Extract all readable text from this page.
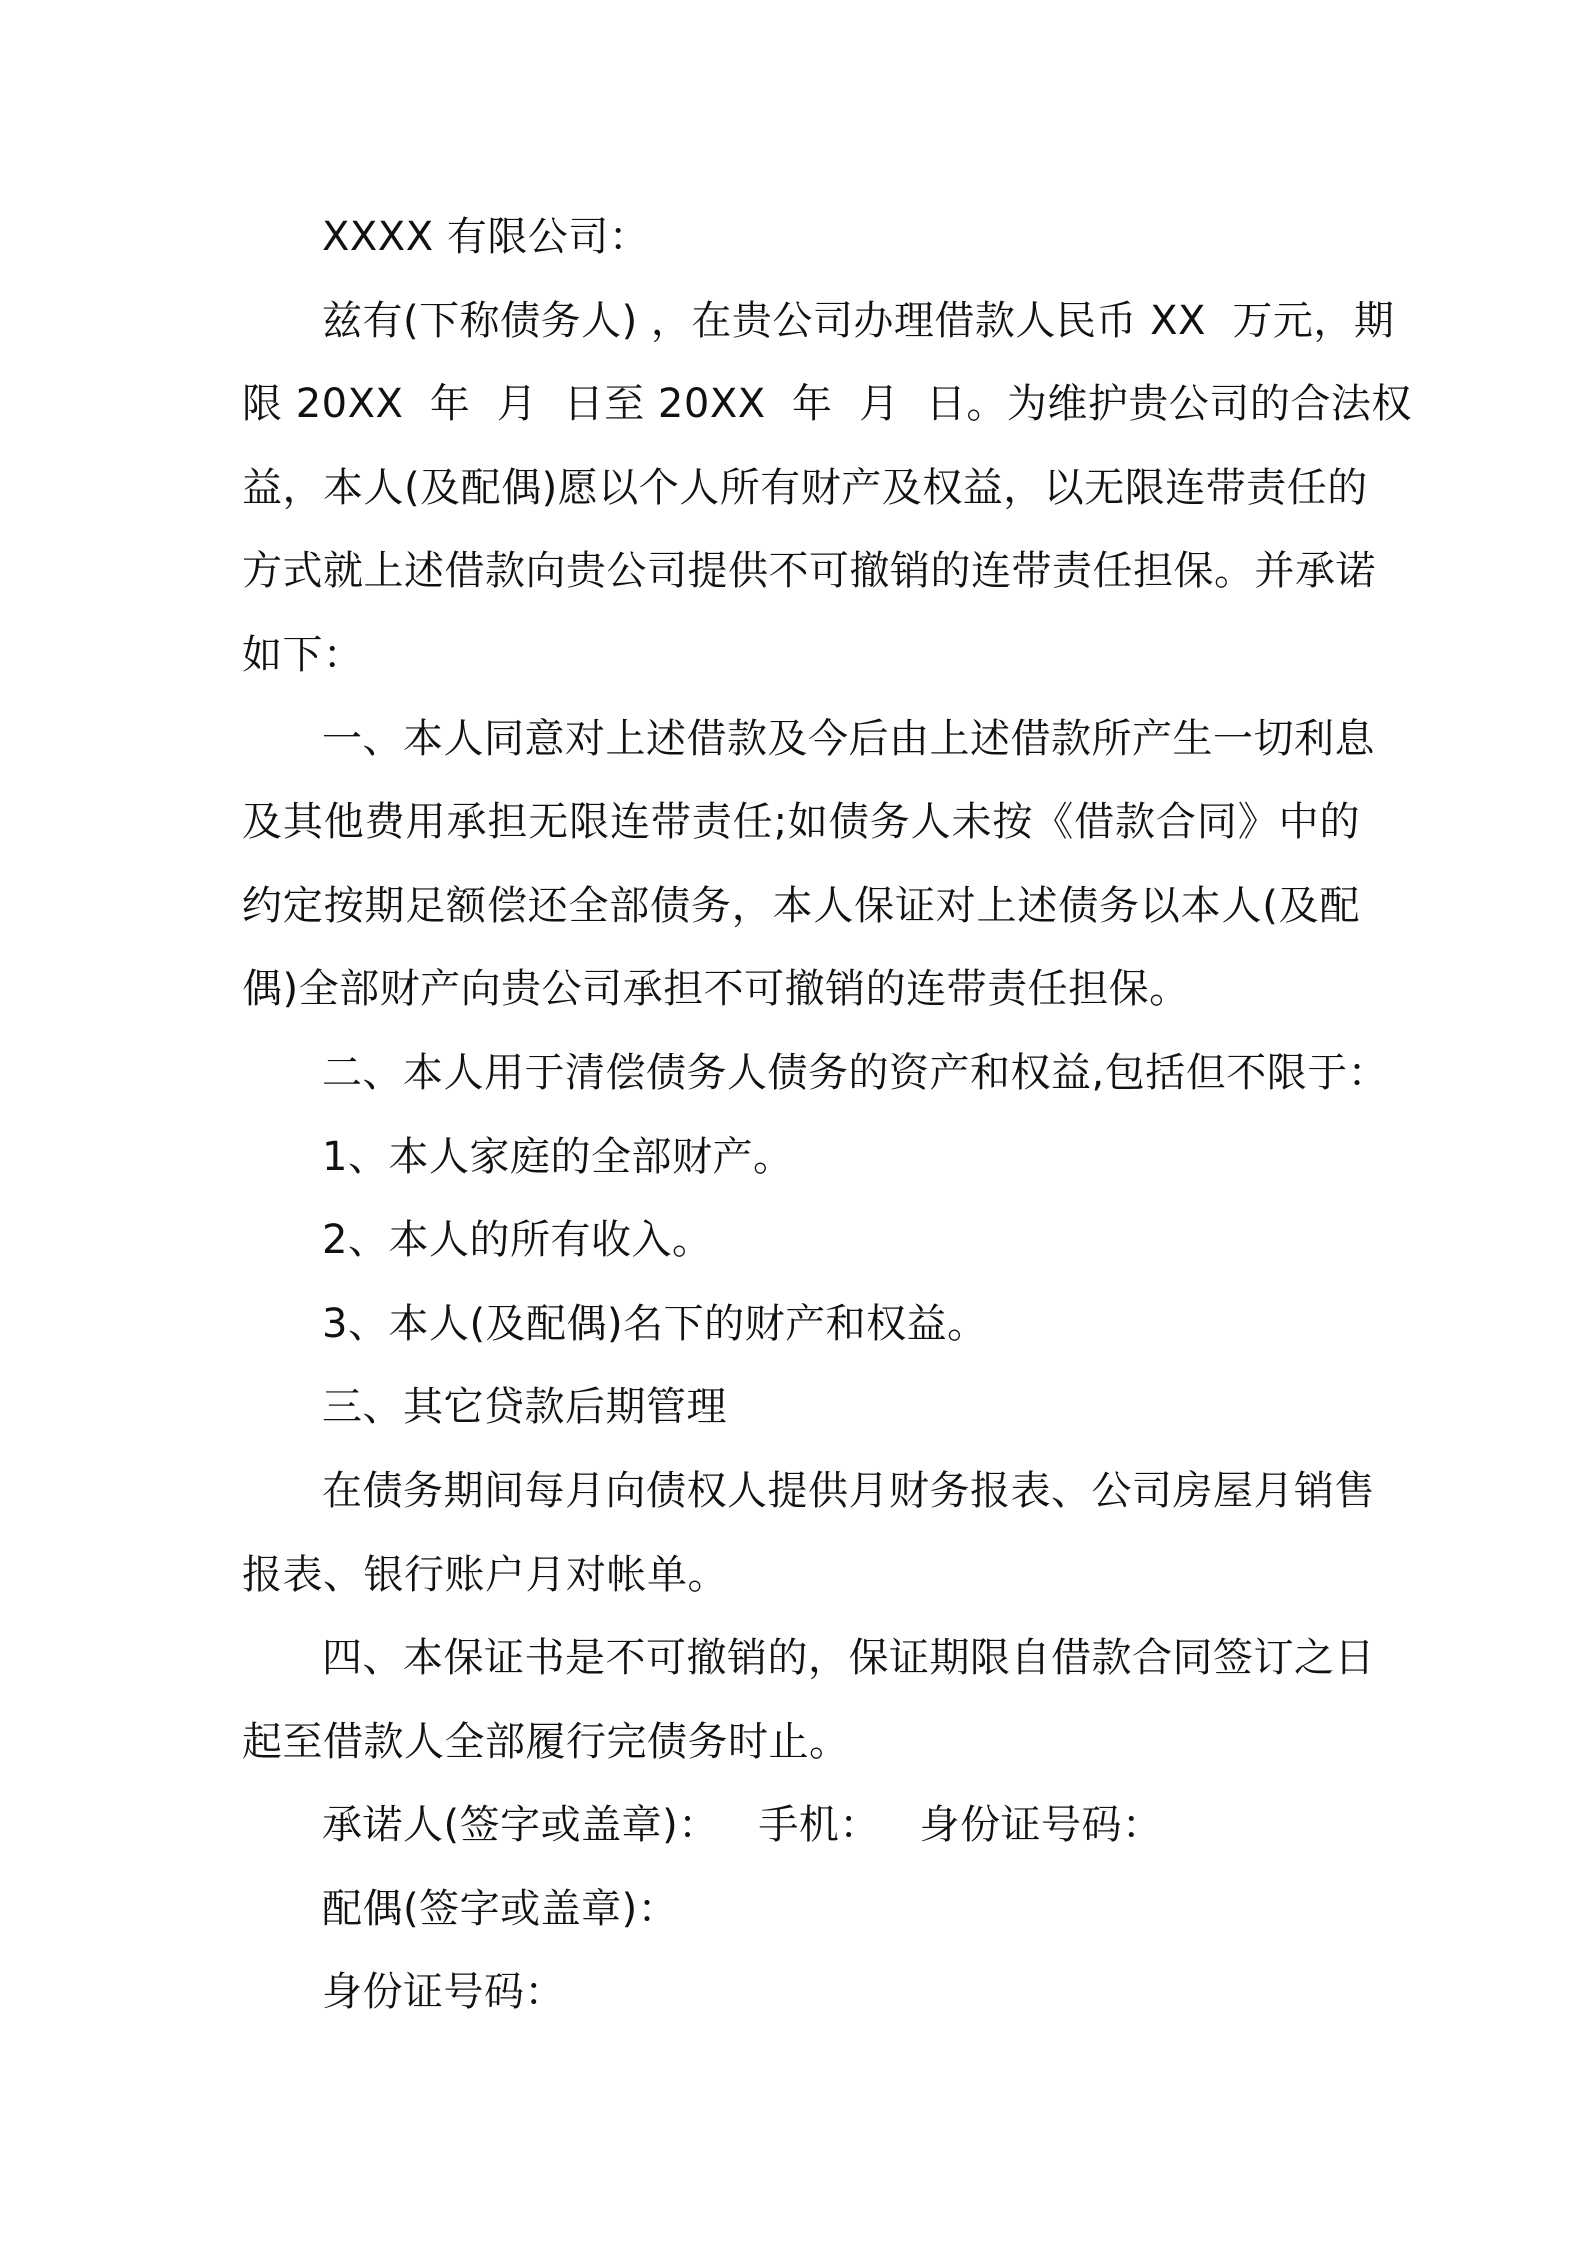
XXXX 有限公司：
兹有(下称债务人) ，在贵公司办理借款人民币 XX  万元，期
限 20XX  年  月  日至 20XX  年  月  日。为维护贵公司的合法权
益，本人(及配偶)愿以个人所有财产及权益，以无限连带责任的
方式就上述借款向贵公司提供不可撤销的连带责任担保。并承诺
如下：
一、本人同意对上述借款及今后由上述借款所产生一切利息
及其他费用承担无限连带责任;如债务人未按《借款合同》中的
约定按期足额偿还全部债务，本人保证对上述债务以本人(及配
偶)全部财产向贵公司承担不可撤销的连带责任担保。
二、本人用于清偿债务人债务的资产和权益,包括但不限于：
1、本人家庭的全部财产。
2、本人的所有收入。
3、本人(及配偶)名下的财产和权益。
三、其它贷款后期管理
在债务期间每月向债权人提供月财务报表、公司房屋月销售
报表、银行账户月对帐单。
四、本保证书是不可撤销的，保证期限自借款合同签订之日
起至借款人全部履行完债务时止。
承诺人(签字或盖章)：   手机：   身份证号码：
配偶(签字或盖章)：
身份证号码：
